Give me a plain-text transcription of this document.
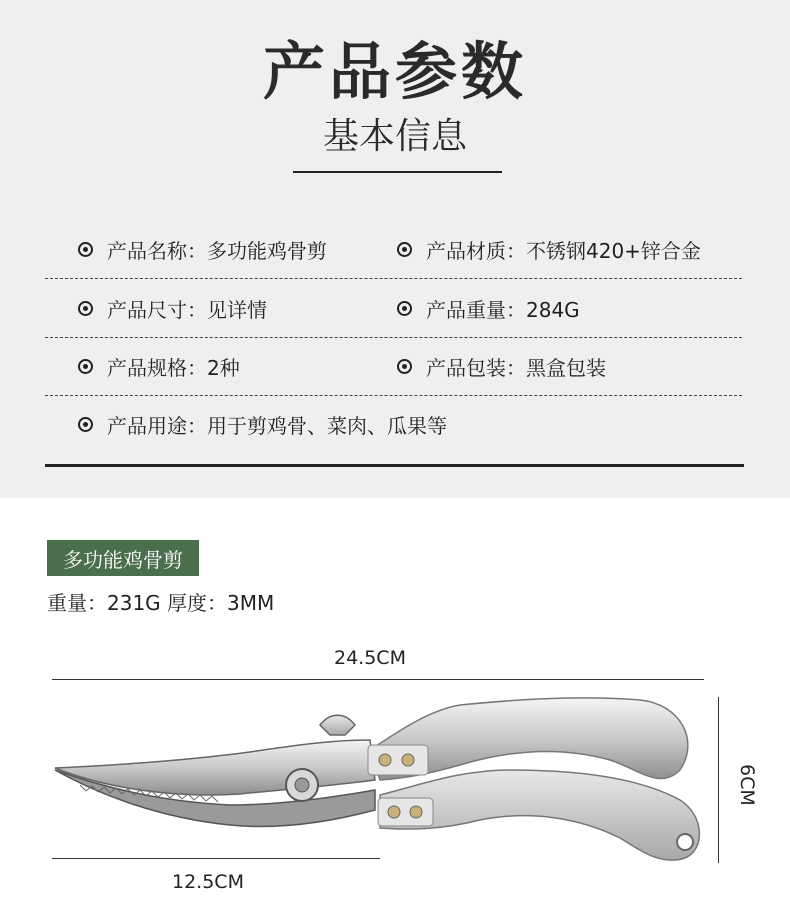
产品参数
基本信息
产品名称：多功能鸡骨剪	产品材质：不锈钢420+锌合金
产品尺寸：见详情	产品重量：284G
产品规格：2种	产品包装：黑盒包装
产品用途：用于剪鸡骨、菜肉、瓜果等
多功能鸡骨剪
重量：231G 厚度：3MM
24.5CM
6CM
12.5CM
